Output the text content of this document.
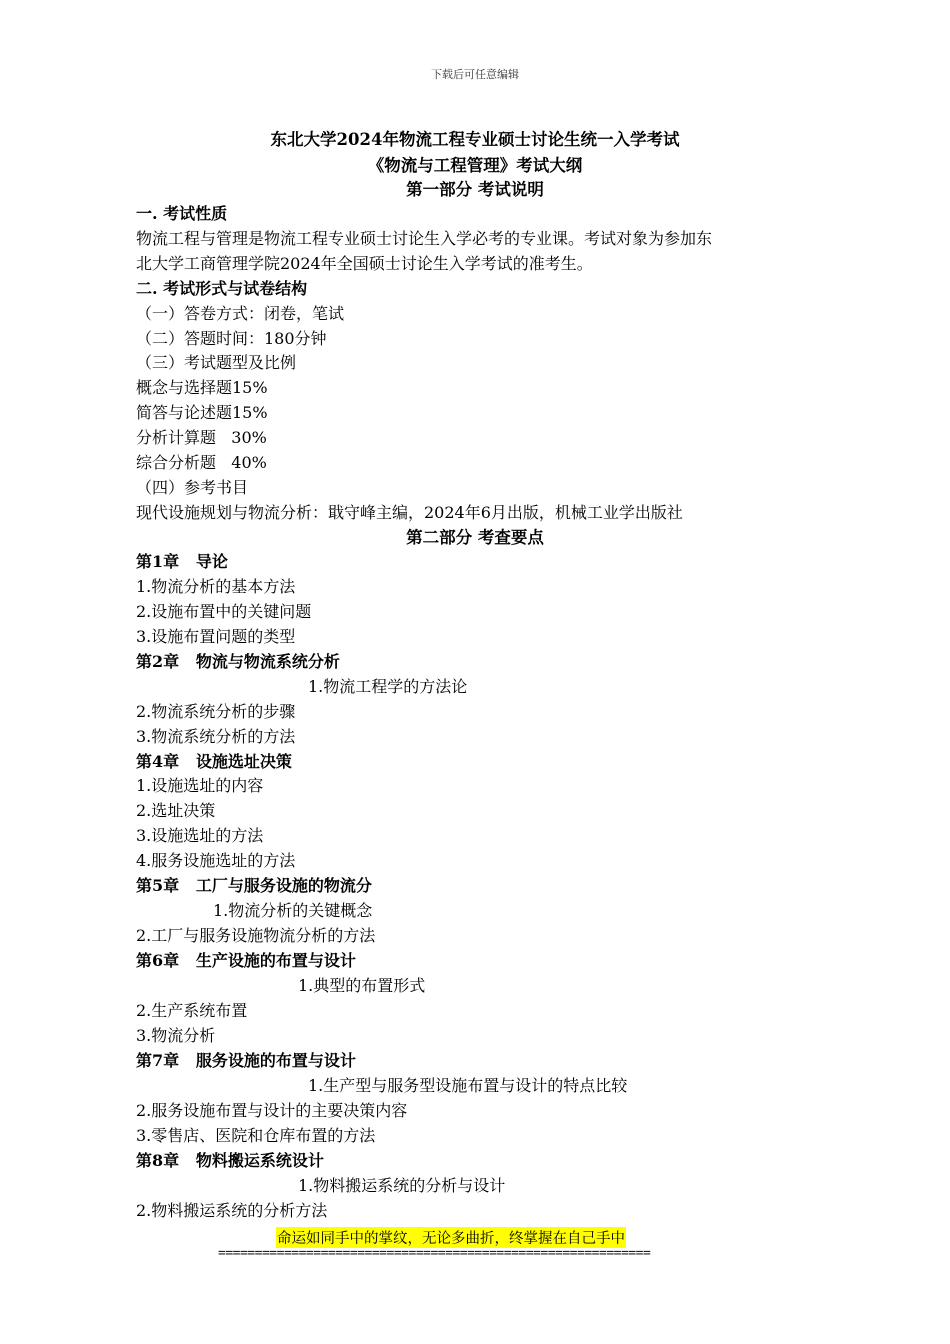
下载后可任意编辑
东北大学2024年物流工程专业硕士讨论生统一入学考试
《物流与工程管理》考试大纲
第一部分 考试说明
一. 考试性质
物流工程与管理是物流工程专业硕士讨论生入学必考的专业课。考试对象为参加东
北大学工商管理学院2024年全国硕士讨论生入学考试的准考生。
二. 考试形式与试卷结构
（一）答卷方式：闭卷，笔试
（二）答题时间：180分钟
（三）考试题型及比例
概念与选择题15%
简答与论述题15%
分析计算题   30%
综合分析题   40%
（四）参考书目
现代设施规划与物流分析：戢守峰主编，2024年6月出版，机械工业学出版社
第二部分 考查要点
第1章   导论
1.物流分析的基本方法
2.设施布置中的关键问题
3.设施布置问题的类型
第2章   物流与物流系统分析
1.物流工程学的方法论
2.物流系统分析的步骤
3.物流系统分析的方法
第4章   设施选址决策
1.设施选址的内容
2.选址决策
3.设施选址的方法
4.服务设施选址的方法
第5章   工厂与服务设施的物流分
1.物流分析的关键概念
2.工厂与服务设施物流分析的方法
第6章   生产设施的布置与设计
1.典型的布置形式
2.生产系统布置
3.物流分析
第7章   服务设施的布置与设计
1.生产型与服务型设施布置与设计的特点比较
2.服务设施布置与设计的主要决策内容
3.零售店、医院和仓库布置的方法
第8章   物料搬运系统设计
1.物料搬运系统的分析与设计
2.物料搬运系统的分析方法
命运如同手中的掌纹，无论多曲折，终掌握在自己手中
===========================================================
